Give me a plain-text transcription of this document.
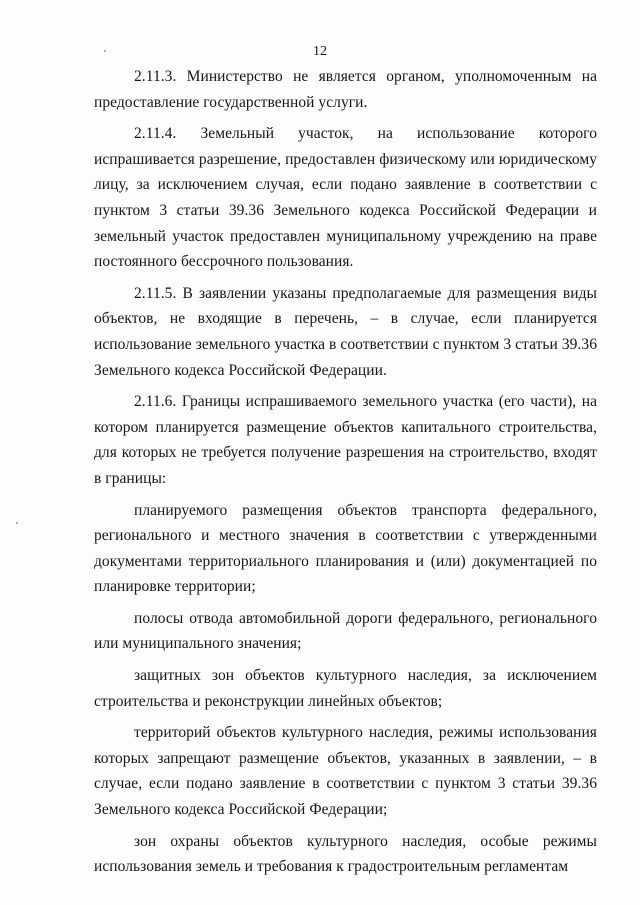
12

2.11.3. Министерство не является органом, уполномоченным на предоставление государственной услуги.

2.11.4. Земельный участок, на использование которого испрашивается разрешение, предоставлен физическому или юридическому лицу, за исключением случая, если подано заявление в соответствии с пунктом 3 статьи 39.36 Земельного кодекса Российской Федерации и земельный участок предоставлен муниципальному учреждению на праве постоянного бессрочного пользования.

2.11.5. В заявлении указаны предполагаемые для размещения виды объектов, не входящие в перечень, – в случае, если планируется использование земельного участка в соответствии с пунктом 3 статьи 39.36 Земельного кодекса Российской Федерации.

2.11.6. Границы испрашиваемого земельного участка (его части), на котором планируется размещение объектов капитального строительства, для которых не требуется получение разрешения на строительство, входят в границы:

планируемого размещения объектов транспорта федерального, регионального и местного значения в соответствии с утвержденными документами территориального планирования и (или) документацией по планировке территории;

полосы отвода автомобильной дороги федерального, регионального или муниципального значения;

защитных зон объектов культурного наследия, за исключением строительства и реконструкции линейных объектов;

территорий объектов культурного наследия, режимы использования которых запрещают размещение объектов, указанных в заявлении, – в случае, если подано заявление в соответствии с пунктом 3 статьи 39.36 Земельного кодекса Российской Федерации;

зон охраны объектов культурного наследия, особые режимы использования земель и требования к градостроительным регламентам
